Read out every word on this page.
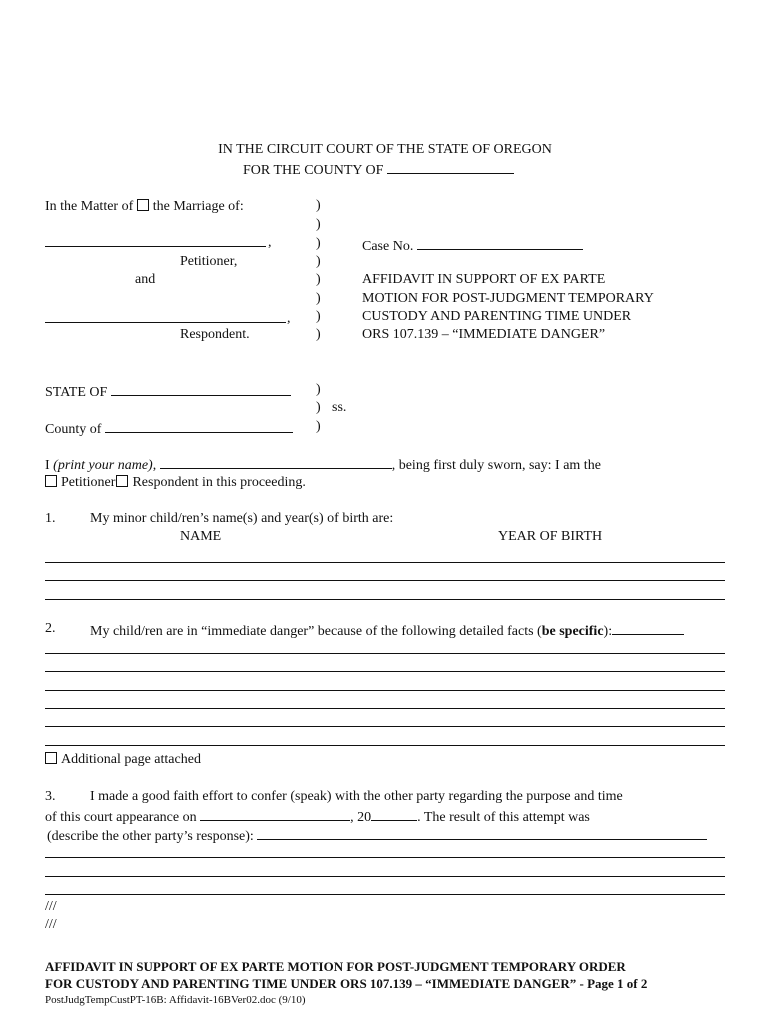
IN THE CIRCUIT COURT OF THE STATE OF OREGON
FOR THE COUNTY OF
In the Matter of the Marriage of:
,
Petitioner,
and
,
Respondent.
)
)
)
)
)
)
)
)
Case No.
AFFIDAVIT IN SUPPORT OF EX PARTE
MOTION FOR POST-JUDGMENT TEMPORARY
CUSTODY AND PARENTING TIME UNDER
ORS 107.139 – “IMMEDIATE DANGER”
STATE OF
County of
)
)
)
ss.
I (print your name),	, being first duly sworn, say: I am the
Petitioner Respondent in this proceeding.
1. My minor child/ren’s name(s) and year(s) of birth are:
NAME	YEAR OF BIRTH
2. My child/ren are in “immediate danger” because of the following detailed facts (be specific):
Additional page attached
3. I made a good faith effort to confer (speak) with the other party regarding the purpose and time
of this court appearance on	, 20	. The result of this attempt was
(describe the other party’s response):
///
///
AFFIDAVIT IN SUPPORT OF EX PARTE MOTION FOR POST-JUDGMENT TEMPORARY ORDER
FOR CUSTODY AND PARENTING TIME UNDER ORS 107.139 – “IMMEDIATE DANGER” - Page 1 of 2
PostJudgTempCustPT-16B: Affidavit-16BVer02.doc (9/10)
